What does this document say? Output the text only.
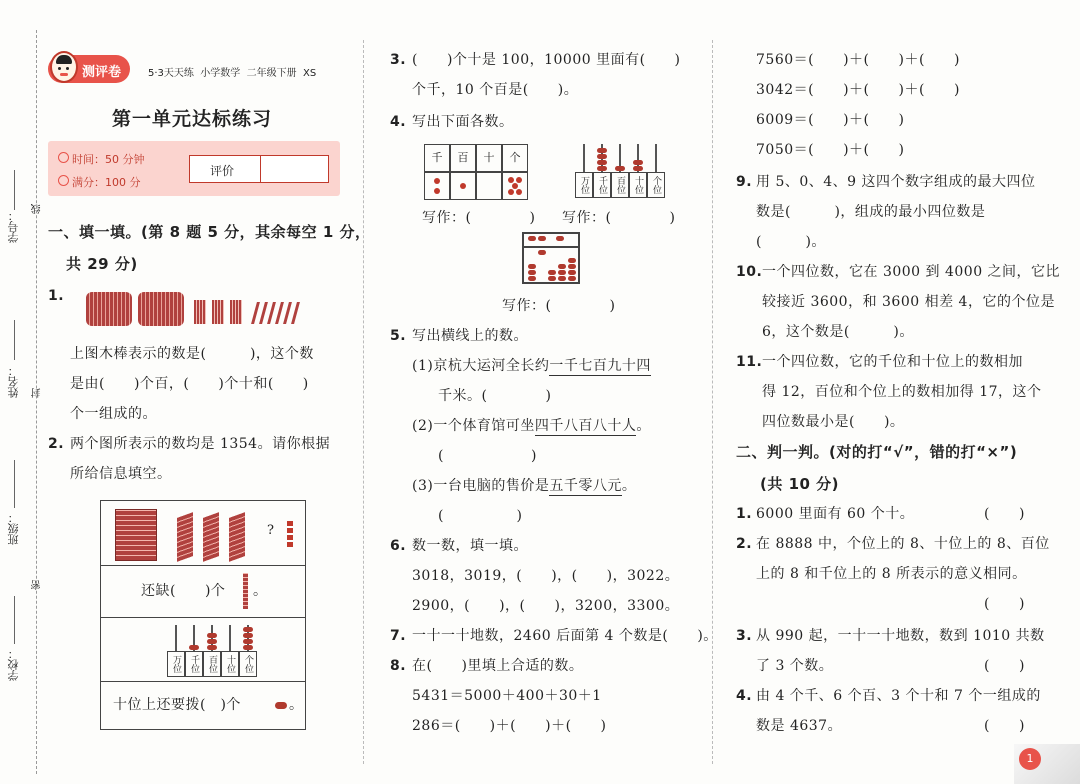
学号：
线
姓名： 封
班级：
密
学校：
测评卷	5·3天天练 小学数学 二年级下册 XS
第一单元达标练习
时间：50 分钟
满分：100 分
评价
一、填一填。(第 8 题 5 分，其余每空 1 分，
共 29 分)
1.
上图木棒表示的数是(　　　)，这个数
是由(　　)个百，(　　)个十和(　　)
个一组成的。
2. 两个图所表示的数均是 1354。请你根据
所给信息填空。
?
还缺(　　)个 。
万位 千位 百位 十位 个位
十位上还要拨(　)个	。
3. (　　)个十是 100，10000 里面有(　　)
个千，10 个百是(　　)。
4. 写出下面各数。
千	百	十	个
万位 千位 百位 十位 个位
写作：(　　　　) 写作：(　　　　)
写作：(　　　　)
5. 写出横线上的数。
(1)京杭大运河全长约一千七百九十四
千米。(　　　　)
(2)一个体育馆可坐四千八百八十人。
(　　　　　　)
(3)一台电脑的售价是五千零八元。
(　　　　　)
6. 数一数，填一填。
3018，3019，(　　)，(　　)，3022。
2900，(　　)，(　　)，3200，3300。
7. 一十一十地数，2460 后面第 4 个数是(　　)。
8. 在(　　)里填上合适的数。
5431＝5000＋400＋30＋1
286＝(　　)＋(　　)＋(　　)
7560＝(　　)＋(　　)＋(　　)
3042＝(　　)＋(　　)＋(　　)
6009＝(　　)＋(　　)
7050＝(　　)＋(　　)
9. 用 5、0、4、9 这四个数字组成的最大四位
数是(　　　)，组成的最小四位数是
(　　　)。
10. 一个四位数，它在 3000 到 4000 之间，它比
较接近 3600，和 3600 相差 4，它的个位是
6，这个数是(　　　)。
11. 一个四位数，它的千位和十位上的数相加
得 12，百位和个位上的数相加得 17，这个
四位数最小是(　　)。
二、判一判。(对的打“√”，错的打“×”)
(共 10 分)
1. 6000 里面有 60 个十。	(　　)
2. 在 8888 中，个位上的 8、十位上的 8、百位
上的 8 和千位上的 8 所表示的意义相同。
(　　)
3. 从 990 起，一十一十地数，数到 1010 共数
了 3 个数。	(　　)
4. 由 4 个千、6 个百、3 个十和 7 个一组成的
数是 4637。	(　　)
1
